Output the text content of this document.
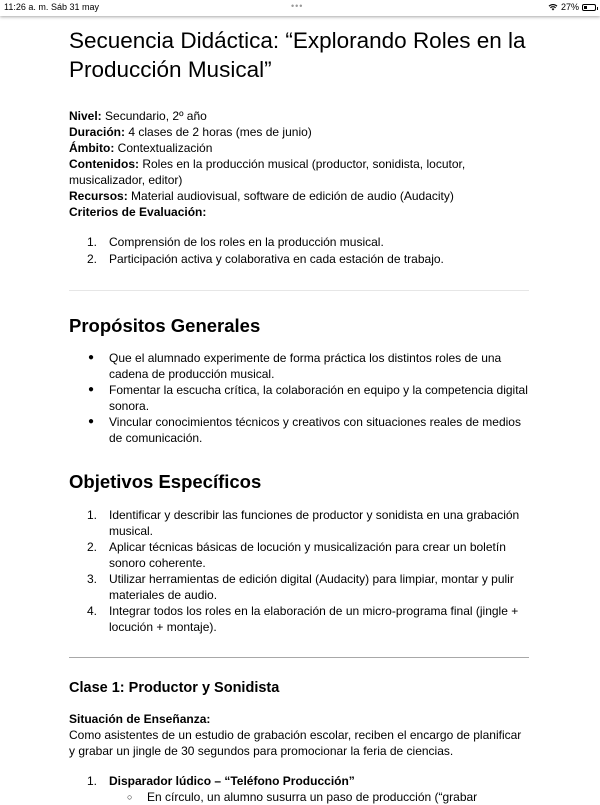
11:26 a. m. Sáb 31 may	•••	27%
Secuencia Didáctica: “Explorando Roles en la Producción Musical”
Nivel: Secundario, 2º año
Duración: 4 clases de 2 horas (mes de junio)
Ámbito: Contextualización
Contenidos: Roles en la producción musical (productor, sonidista, locutor, musicalizador, editor)
Recursos: Material audiovisual, software de edición de audio (Audacity)
Criterios de Evaluación:
1. Comprensión de los roles en la producción musical.
2. Participación activa y colaborativa en cada estación de trabajo.
Propósitos Generales
● Que el alumnado experimente de forma práctica los distintos roles de una cadena de producción musical.
● Fomentar la escucha crítica, la colaboración en equipo y la competencia digital sonora.
● Vincular conocimientos técnicos y creativos con situaciones reales de medios de comunicación.
Objetivos Específicos
1. Identificar y describir las funciones de productor y sonidista en una grabación musical.
2. Aplicar técnicas básicas de locución y musicalización para crear un boletín sonoro coherente.
3. Utilizar herramientas de edición digital (Audacity) para limpiar, montar y pulir materiales de audio.
4. Integrar todos los roles en la elaboración de un micro-programa final (jingle + locución + montaje).
Clase 1: Productor y Sonidista
Situación de Enseñanza:
Como asistentes de un estudio de grabación escolar, reciben el encargo de planificar y grabar un jingle de 30 segundos para promocionar la feria de ciencias.
1. Disparador lúdico – “Teléfono Producción”
○ En círculo, un alumno susurra un paso de producción (“grabar
